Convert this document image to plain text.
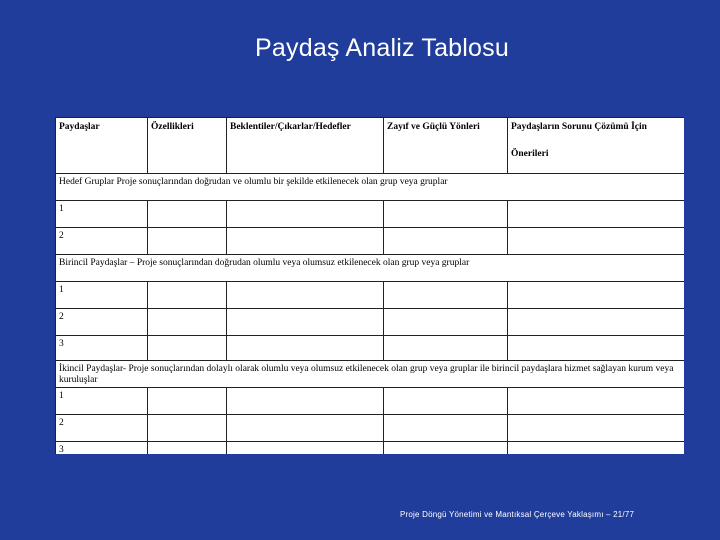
Paydaş Analiz Tablosu
Paydaşlar	Özellikleri	Beklentiler/Çıkarlar/Hedefler	Zayıf ve Güçlü Yönleri	Paydaşların Sorunu Çözümü İçin
Önerileri

Hedef Gruplar Proje sonuçlarından doğrudan ve olumlu bir şekilde etkilenecek olan grup veya gruplar				
1				
2				
Birincil Paydaşlar – Proje sonuçlarından doğrudan olumlu veya olumsuz etkilenecek olan grup veya gruplar				
1				
2				
3				
İkincil Paydaşlar- Proje sonuçlarından dolaylı olarak olumlu veya olumsuz etkilenecek olan grup veya gruplar ile birincil paydaşlara hizmet sağlayan kurum veya kuruluşlar				
1				
2				
3				
Proje Döngü Yönetimi ve Mantıksal Çerçeve Yaklaşımı – 21/77
